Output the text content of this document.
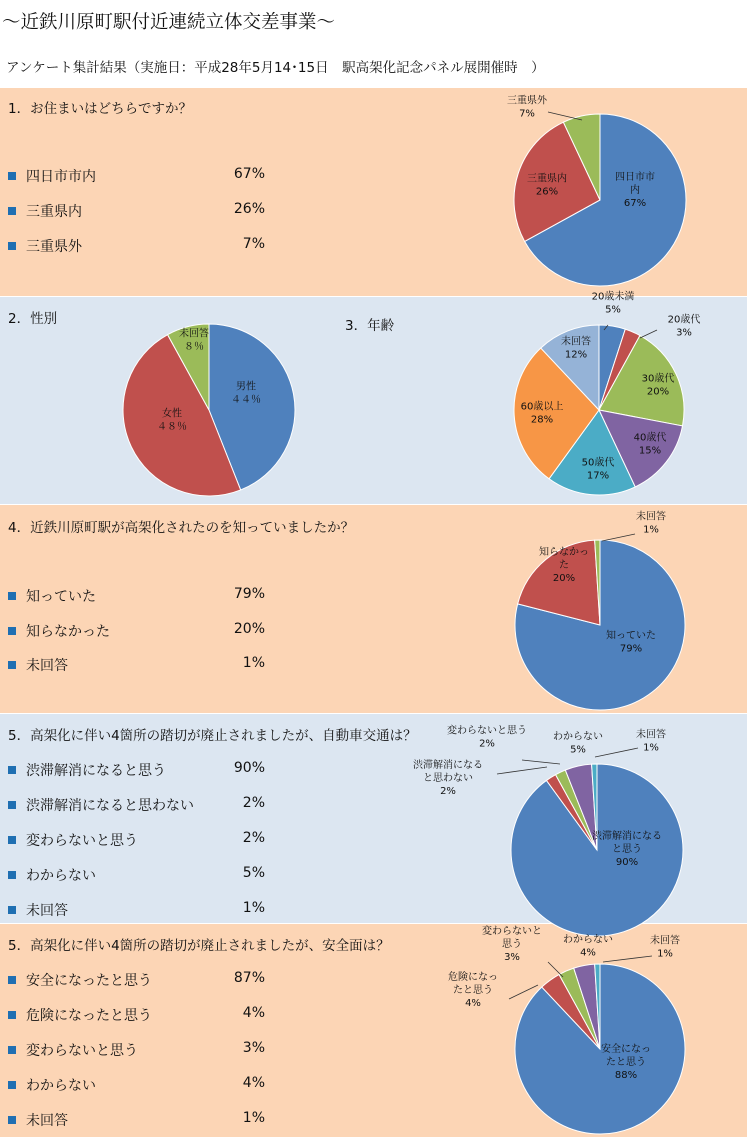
～近鉄川原町駅付近連続立体交差事業～
アンケート集計結果（実施日：平成28年5月14･15日　駅高架化記念パネル展開催時　）
1．お住まいはどちらですか？
四日市市内	67%
三重県内	26%
三重県外	7%
2．性別	3．年齢
4．近鉄川原町駅が高架化されたのを知っていましたか？
知っていた	79%
知らなかった	20%
未回答	1%
5．高架化に伴い4箇所の踏切が廃止されましたが、自動車交通は？
渋滞解消になると思う	90%
渋滞解消になると思わない	2%
変わらないと思う	2%
わからない	5%
未回答	1%
5．高架化に伴い4箇所の踏切が廃止されましたが、安全面は？
安全になったと思う	87%
危険になったと思う	4%
変わらないと思う	3%
わからない	4%
未回答	1%
四日市市
内
67%
三重県内
26%
三重県外
7%
男性
４４％
女性
４８％
未回答
８％
20歳未満
5%
20歳代
3%
30歳代
20%
40歳代
15%
50歳代
17%
60歳以上
28%
未回答
12%
知っていた
79%
知らなかっ
た
20%
未回答
1%
渋滞解消になる
と思う
90%
渋滞解消になる
と思わない
2%
変わらないと思う
2%
わからない
5%
未回答
1%
安全になっ
たと思う
88%
危険になっ
たと思う
4%
変わらないと
思う
3%
わからない
4%
未回答
1%
